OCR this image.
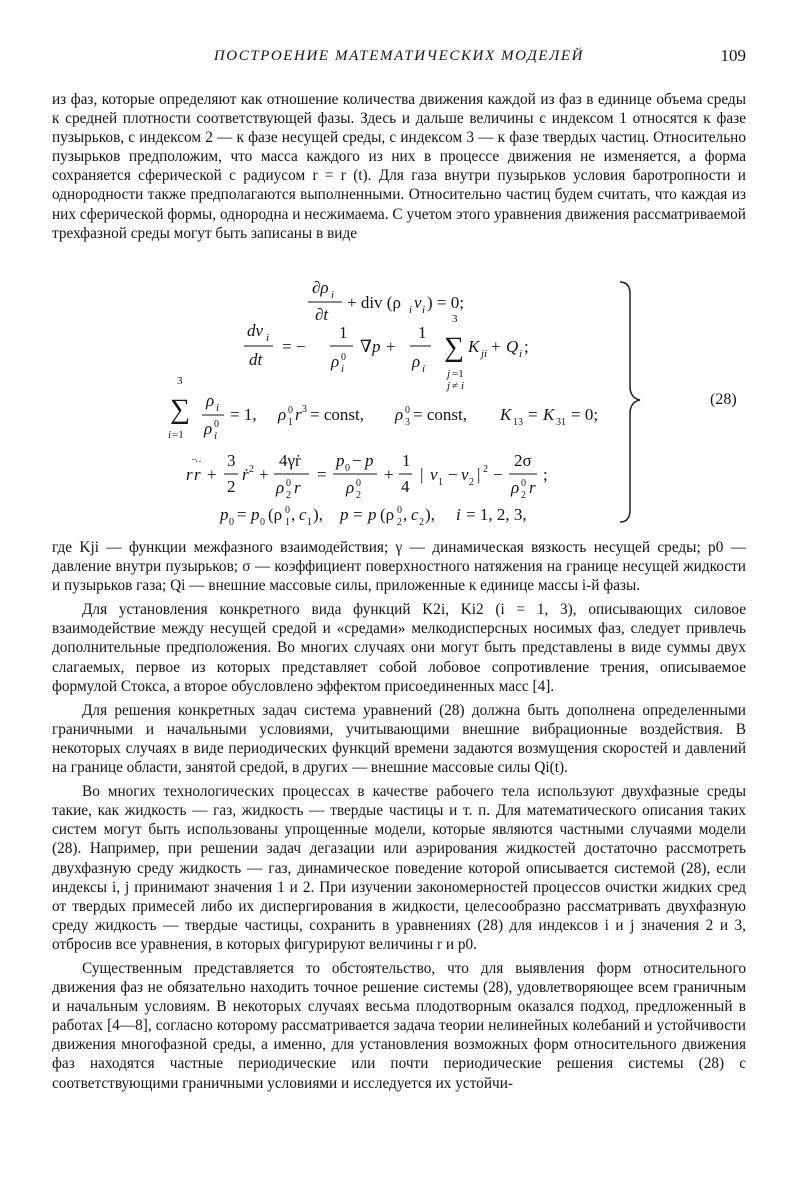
ПОСТРОЕНИЕ МАТЕМАТИЧЕСКИХ МОДЕЛЕЙ	109

из фаз, которые определяют как отношение количества движения каждой из фаз в единице объема среды к средней плотности соответствующей фазы. Здесь и дальше величины с индексом 1 относятся к фазе пузырьков, с индексом 2 — к фазе несущей среды, с индексом 3 — к фазе твердых частиц. Относительно пузырьков предположим, что масса каждого из них в процессе движения не изменяется, а форма сохраняется сферической с радиусом r = r (t). Для газа внутри пузырьков условия баротропности и однородности также предполагаются выполненными. Относительно частиц будем считать, что каждая из них сферической формы, однородна и несжимаема. С учетом этого уравнения движения рассматриваемой трехфазной среды могут быть записаны в виде

∂ρ i
∂t
+ div (ρ i v i ) = 0;
dv i
dt
= −
1
ρ 0
i
∇ p +
1
ρ i
3
∑
j =1
j ≠ i
K ji + Q i ;
3
∑
i =1
ρ i
ρ 0
i
= 1, ρ 0
1 r 3 = const, ρ 0
3 = const, K 13 = K 31 = 0;
r r
··
+
3
2
ṙ 2 +
4γṙ
ρ 0
2 r
=
p 0 − p
ρ 0
2
+
1
4
| v 1 − v 2 | 2 −
2σ
ρ 0
2 r
;
p 0 = p 0 (ρ 0
1 , c 1 ), p = p (ρ 0
2 , c 2 ), i = 1, 2, 3,
(28)

где Kji — функции межфазного взаимодействия; γ — динамическая вязкость несущей среды; p0 — давление внутри пузырьков; σ — коэффициент поверхностного натяжения на границе несущей жидкости и пузырьков газа; Qi — внешние массовые силы, приложенные к единице массы i-й фазы.

Для установления конкретного вида функций K2i, Ki2 (i = 1, 3), описывающих силовое взаимодействие между несущей средой и «средами» мелкодисперсных носимых фаз, следует привлечь дополнительные предположения. Во многих случаях они могут быть представлены в виде суммы двух слагаемых, первое из которых представляет собой лобовое сопротивление трения, описываемое формулой Стокса, а второе обусловлено эффектом присоединенных масс [4].

Для решения конкретных задач система уравнений (28) должна быть дополнена определенными граничными и начальными условиями, учитывающими внешние вибрационные воздействия. В некоторых случаях в виде периодических функций времени задаются возмущения скоростей и давлений на границе области, занятой средой, в других — внешние массовые силы Qi(t).

Во многих технологических процессах в качестве рабочего тела используют двухфазные среды такие, как жидкость — газ, жидкость — твердые частицы и т. п. Для математического описания таких систем могут быть использованы упрощенные модели, которые являются частными случаями модели (28). Например, при решении задач дегазации или аэрирования жидкостей достаточно рассмотреть двухфазную среду жидкость — газ, динамическое поведение которой описывается системой (28), если индексы i, j принимают значения 1 и 2. При изучении закономерностей процессов очистки жидких сред от твердых примесей либо их диспергирования в жидкости, целесообразно рассматривать двухфазную среду жидкость — твердые частицы, сохранить в уравнениях (28) для индексов i и j значения 2 и 3, отбросив все уравнения, в которых фигурируют величины r и p0.

Существенным представляется то обстоятельство, что для выявления форм относительного движения фаз не обязательно находить точное решение системы (28), удовлетворяющее всем граничным и начальным условиям. В некоторых случаях весьма плодотворным оказался подход, предложенный в работах [4—8], согласно которому рассматривается задача теории нелинейных колебаний и устойчивости движения многофазной среды, а именно, для установления возможных форм относительного движения фаз находятся частные периодические или почти периодические решения системы (28) с соответствующими граничными условиями и исследуется их устойчи-
